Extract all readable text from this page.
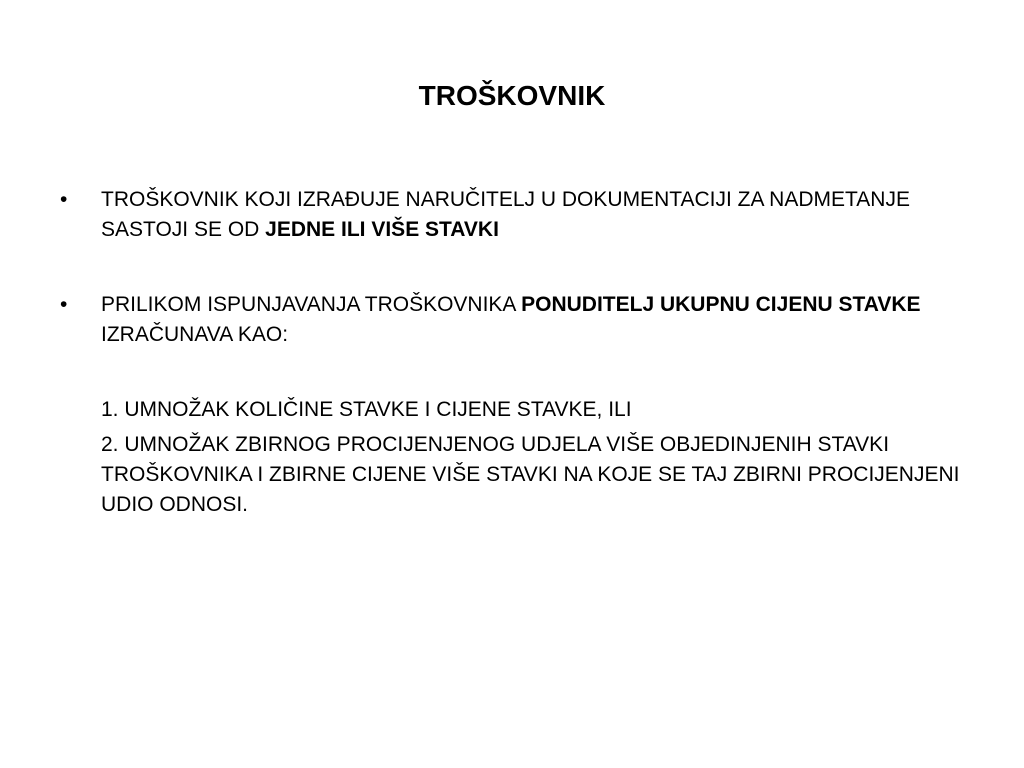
TROŠKOVNIK
•	TROŠKOVNIK KOJI IZRAĐUJE NARUČITELJ U DOKUMENTACIJI ZA NADMETANJE SASTOJI SE OD JEDNE ILI VIŠE STAVKI

•	PRILIKOM ISPUNJAVANJA TROŠKOVNIKA PONUDITELJ UKUPNU CIJENU STAVKE IZRAČUNAVA KAO:

1. UMNOŽAK KOLIČINE STAVKE I CIJENE STAVKE, ILI

2. UMNOŽAK ZBIRNOG PROCIJENJENOG UDJELA VIŠE OBJEDINJENIH STAVKI TROŠKOVNIKA I ZBIRNE CIJENE VIŠE STAVKI NA KOJE SE TAJ ZBIRNI PROCIJENJENI UDIO ODNOSI.
